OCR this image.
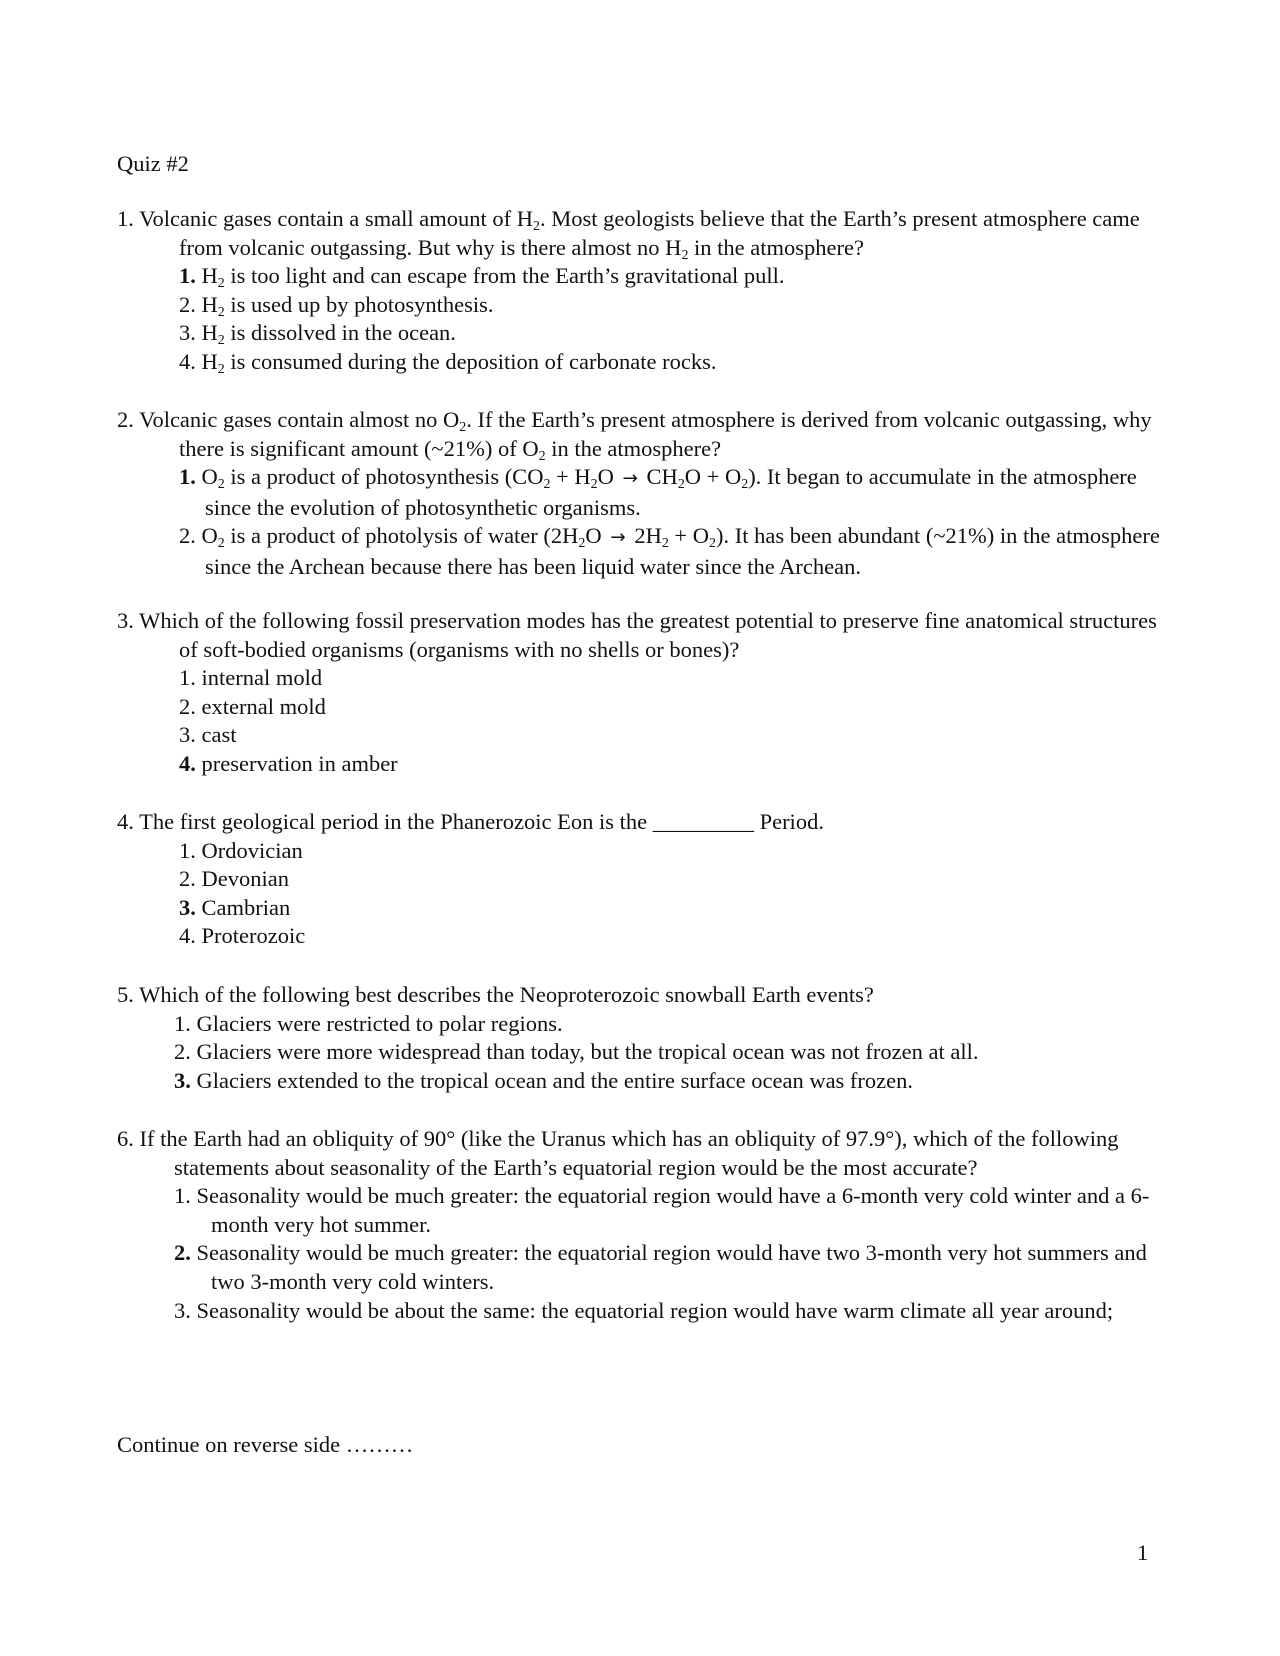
Quiz #2
1. Volcanic gases contain a small amount of $H_2$. Most geologists believe that the Earth’s present atmosphere came from volcanic outgassing. But why is there almost no $H_2$ in the atmosphere?
1. $H_2$ is too light and can escape from the Earth’s gravitational pull.
2. $H_2$ is used up by photosynthesis.
3. $H_2$ is dissolved in the ocean.
4. $H_2$ is consumed during the deposition of carbonate rocks.
2. Volcanic gases contain almost no $O_2$. If the Earth’s present atmosphere is derived from volcanic outgassing, why there is significant amount (~21%) of $O_2$ in the atmosphere?
1. $O_2$ is a product of photosynthesis $(CO_2 + H_2O \to CH_2O + O_2)$. It began to accumulate in the atmosphere since the evolution of photosynthetic organisms.
2. $O_2$ is a product of photolysis of water $(2H_2O \to 2H_2 + O_2)$. It has been abundant (~21%) in the atmosphere since the Archean because there has been liquid water since the Archean.
3. Which of the following fossil preservation modes has the greatest potential to preserve fine anatomical structures of soft-bodied organisms (organisms with no shells or bones)?
1. internal mold
2. external mold
3. cast
4. preservation in amber
4. The first geological period in the Phanerozoic Eon is the _________ Period.
1. Ordovician
2. Devonian
3. Cambrian
4. Proterozoic
5. Which of the following best describes the Neoproterozoic snowball Earth events?
1. Glaciers were restricted to polar regions.
2. Glaciers were more widespread than today, but the tropical ocean was not frozen at all.
3. Glaciers extended to the tropical ocean and the entire surface ocean was frozen.
6. If the Earth had an obliquity of 90° (like the Uranus which has an obliquity of 97.9°), which of the following statements about seasonality of the Earth’s equatorial region would be the most accurate?
1. Seasonality would be much greater: the equatorial region would have a 6-month very cold winter and a 6-month very hot summer.
2. Seasonality would be much greater: the equatorial region would have two 3-month very hot summers and two 3-month very cold winters.
3. Seasonality would be about the same: the equatorial region would have warm climate all year around;
Continue on reverse side ………
1
